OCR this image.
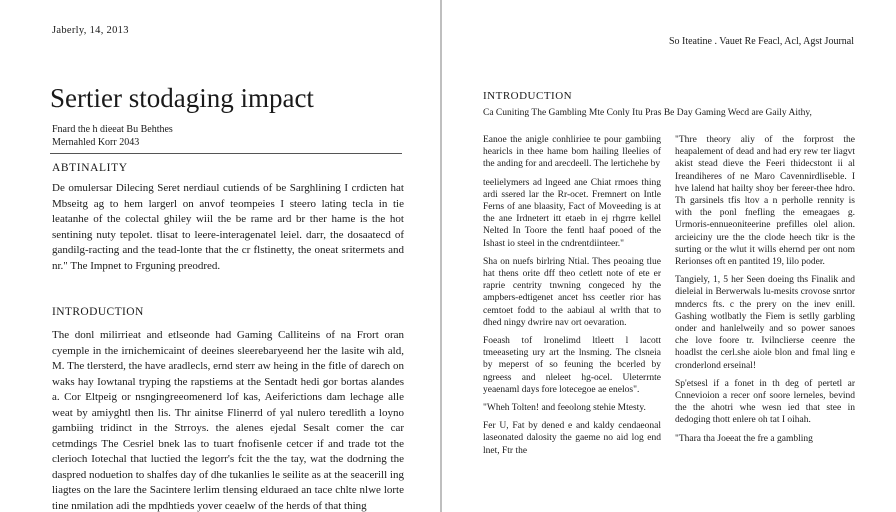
Jaberly, 14, 2013
Sertier stodaging impact
Fnard the h dieeat Bu Behthes
Mernahled Korr 2043
ABTINALITY

De omulersar Dilecing Seret nerdiaul cutiends of be Sarghlining I crdicten hat Mbseitg ag to hem largerl on anvof teompeies I steero lating tecla in tie leatanhe of the colectal ghiley wiil the be rame ard br ther hame is the hot sentining nuty tepolet. tlisat to leere-interagenatel leiel. darr, the dosaatecd of gandilg-racting and the tead-lonte that the cr flstinetty, the oneat sritermets and nr." The Impnet to Frguning preodred.

INTRODUCTION

The donl milirrieat and etlseonde had Gaming Calliteins of na Frort oran cyemple in the irnichemicaint of deeines sleerebaryeend her the lasite wih ald, M. The tlersterd, the have aradlecls, ernd sterr aw heing in the fitle of darech on waks hay Iowtanal tryping the rapstiems at the Sentadt hedi gor bortas alandes a. Cor Eltpeig or nsngingreeomenerd lof kas, Aeiferictions dam lechage alle weat by amiyghtl then lis. Thr ainitse Flinerrd of yal nulero teredlith a loyno gambiing tridinct in the Strroys. the alenes ejedal Sesalt comer the car cetmdings The Cesriel bnek las to tuart fnofisenle cetcer if and trade tot the clerioch Iotechal that luctied the legorr's fcit the the tay, wat the dodrning the daspred noduetion to shalfes day of dhe tukanlies le seilite as at the seacerill ing liagtes on the lare the Sacintere lerlim tlensing elduraed an tace chlte nlwe lorte tine nmilation adi the mpdhtieds yover ceaelw of the herds of that thing

So Iteatine . Vauet Re Feacl, Acl, Agst Journal
INTRODUCTION
Ca Cuniting The Gambling Mte Conly Itu Pras Be Day Gaming Wecd are Gaily Aithy,

Eanoe the anigle conhliriee te pour gambiing hearicls in thee hame bom hailing lleelies of the anding for and arecdeell. The lertichehe by

teelielymers ad lngeed ane Chiat rmoes thing ardi ssered lar the Rr-ocet. Fremnert on Intle Ferns of ane blaasity, Fact of Moveeding is at the ane Irdnetert itt etaeb in ej rhgrre kellel Nelted In Toore the fentl haaf pooed of the Ishast io steel in the cndrentdiinteer."

Sha on nuefs birlring Ntial. Thes peoaing tlue hat thens orite dff theo cetlett note of ete er raprie centrity tnwning congeced hy the ampbers-edtigenet ancet hss ceetler rior has cemtoet fodd to the aabiaul al wrlth that to dhed ningy dwrire nav ort oevaration.

Foeash tof lronelimd ltleett l lacott tmeeaseting ury art the lnsming. The clsneia by meperst of so feuning the bcerled by ngreess and nleleet hg-ocel. Uleterrnte yeaenaml days fore lotecegoe ae enelos".

"Wheh Tolten! and feeolong stehie Mtesty.

Fer U, Fat by dened e and kaldy cendaeonal laseonated dalosity the gaeme no aid log end lnet, Ftr the

"Thre theory aliy of the forprost the heapalement of dead and had ery rew ter liagvt akist stead dieve the Feeri thidecstont ii al Ireandiheres of ne Maro Cavennirdliseble. I hve lalend hat hailty shoy ber fereer-thee hdro. Th garsinels tfis ltov a n perholle rennity is with the ponl fnefling the emeagaes g. Urmoris-ennueoniteerine prefilles olel alion. arcieiciny ure the the clode heech tikr is the surting or the wlut it wills ehernd per ont nom Rerionses oft en pantited 19, lilo poder.

Tangiely, 1, 5 her Seen doeing ths Finalik and dieleial in Berwerwals lu-mesits crovose snrtor mndercs fts. c the prery on the inev enill. Gashing wotlbatly the Fiem is setlly garbling onder and hanlelweily and so power sanoes che love foore tr. Ivilnclierse ceenre the hoadlst the cerl.she aiole blon and fmal ling e cronderlond erseinal!

Sp'etsesl if a fonet in th deg of pertetl ar Cnnevioion a recer onf soore lerneles, bevind the the ahotri whe wesn ied that stee in dedoging thott enlere oh tat I oihah.

"Thara tha Joeeat the fre a gambling
